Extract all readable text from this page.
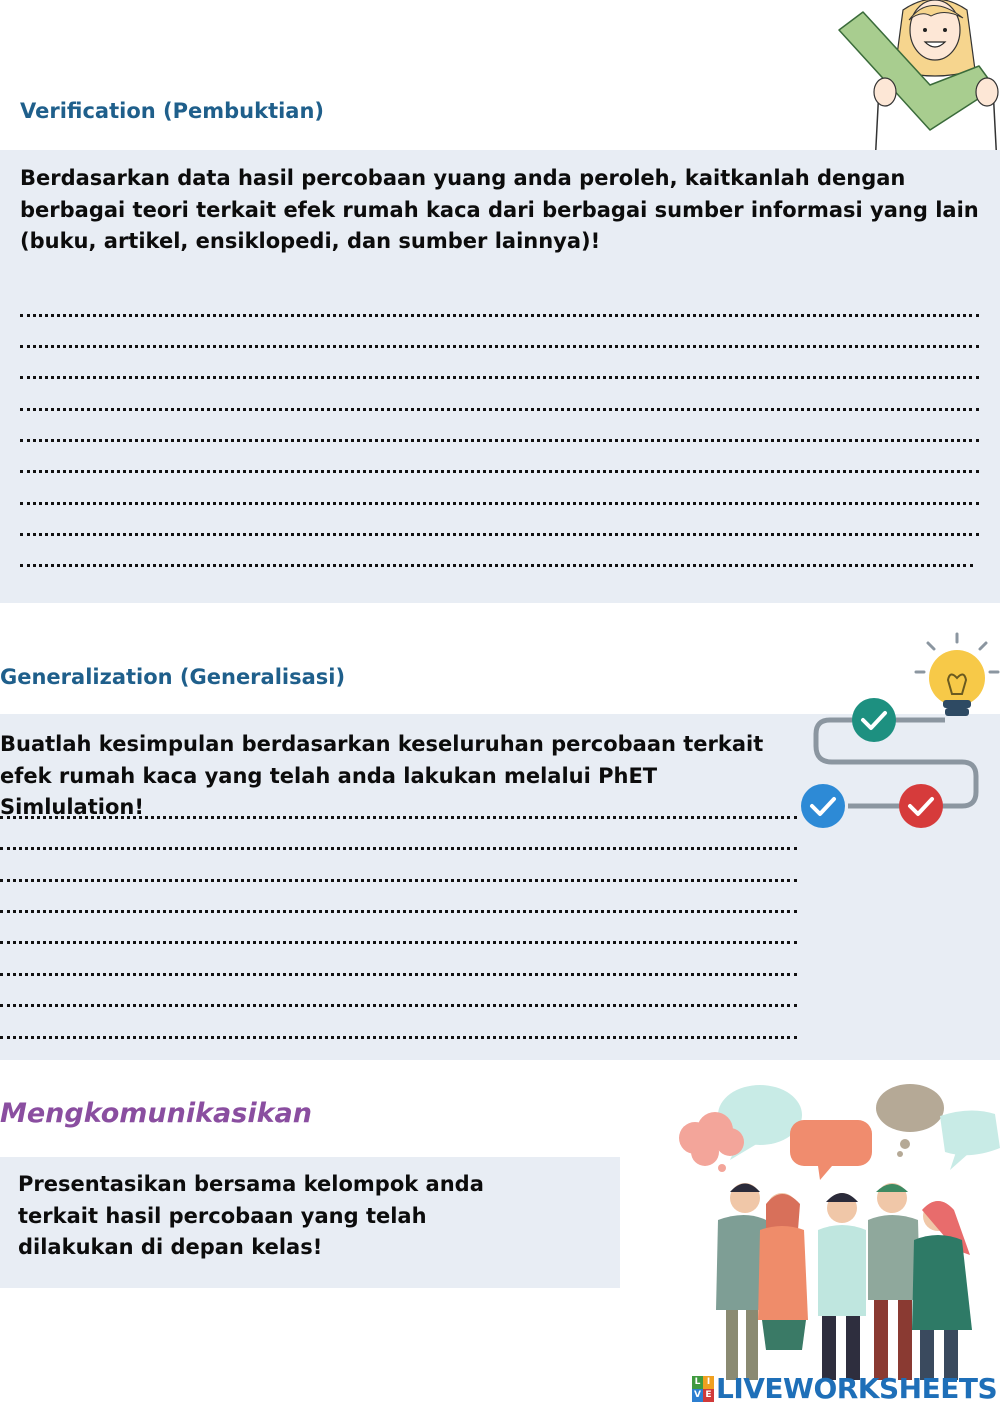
Verification (Pembuktian)
Berdasarkan data hasil percobaan yuang anda peroleh, kaitkanlah dengan berbagai teori terkait efek rumah kaca dari berbagai sumber informasi yang lain (buku, artikel, ensiklopedi, dan sumber lainnya)!
Generalization (Generalisasi)
Buatlah kesimpulan berdasarkan keseluruhan percobaan terkait efek rumah kaca yang telah anda lakukan melalui PhET Simlulation!
Mengkomunikasikan
Presentasikan bersama kelompok anda terkait hasil percobaan yang telah dilakukan di depan kelas!
L I
V E LIVEWORKSHEETS
